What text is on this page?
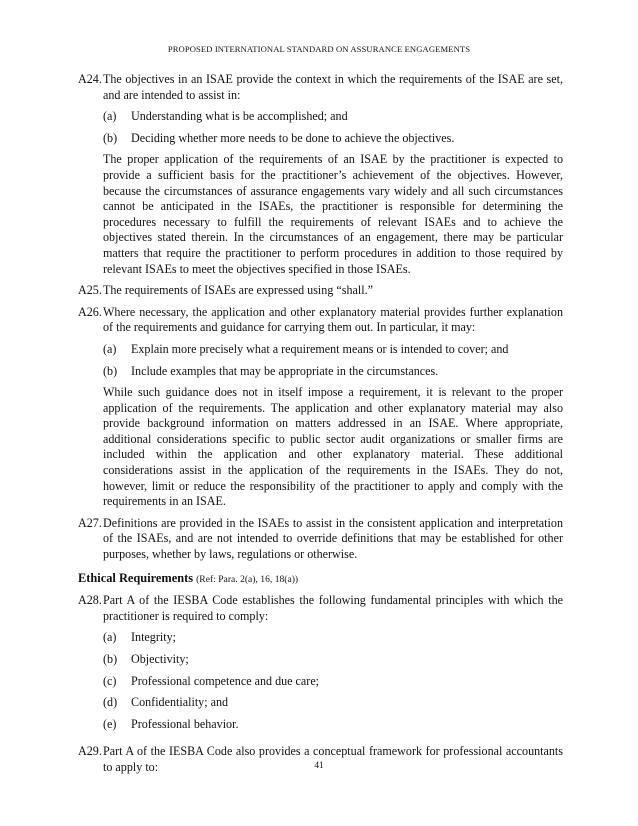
PROPOSED INTERNATIONAL STANDARD ON ASSURANCE ENGAGEMENTS
A24. The objectives in an ISAE provide the context in which the requirements of the ISAE are set, and are intended to assist in:

(a)	Understanding what is be accomplished; and
(b)	Deciding whether more needs to be done to achieve the objectives.

The proper application of the requirements of an ISAE by the practitioner is expected to provide a sufficient basis for the practitioner’s achievement of the objectives. However, because the circumstances of assurance engagements vary widely and all such circumstances cannot be anticipated in the ISAEs, the practitioner is responsible for determining the procedures necessary to fulfill the requirements of relevant ISAEs and to achieve the objectives stated therein. In the circumstances of an engagement, there may be particular matters that require the practitioner to perform procedures in addition to those required by relevant ISAEs to meet the objectives specified in those ISAEs.

A25. The requirements of ISAEs are expressed using “shall.”

A26. Where necessary, the application and other explanatory material provides further explanation of the requirements and guidance for carrying them out. In particular, it may:

(a)	Explain more precisely what a requirement means or is intended to cover; and
(b)	Include examples that may be appropriate in the circumstances.

While such guidance does not in itself impose a requirement, it is relevant to the proper application of the requirements. The application and other explanatory material may also provide background information on matters addressed in an ISAE. Where appropriate, additional considerations specific to public sector audit organizations or smaller firms are included within the application and other explanatory material. These additional considerations assist in the application of the requirements in the ISAEs. They do not, however, limit or reduce the responsibility of the practitioner to apply and comply with the requirements in an ISAE.

A27. Definitions are provided in the ISAEs to assist in the consistent application and interpretation of the ISAEs, and are not intended to override definitions that may be established for other purposes, whether by laws, regulations or otherwise.

Ethical Requirements (Ref: Para. 2(a), 16, 18(a))
A28. Part A of the IESBA Code establishes the following fundamental principles with which the practitioner is required to comply:

(a)	Integrity;
(b)	Objectivity;
(c)	Professional competence and due care;
(d)	Confidentiality; and
(e)	Professional behavior.
A29. Part A of the IESBA Code also provides a conceptual framework for professional accountants to apply to:	41
